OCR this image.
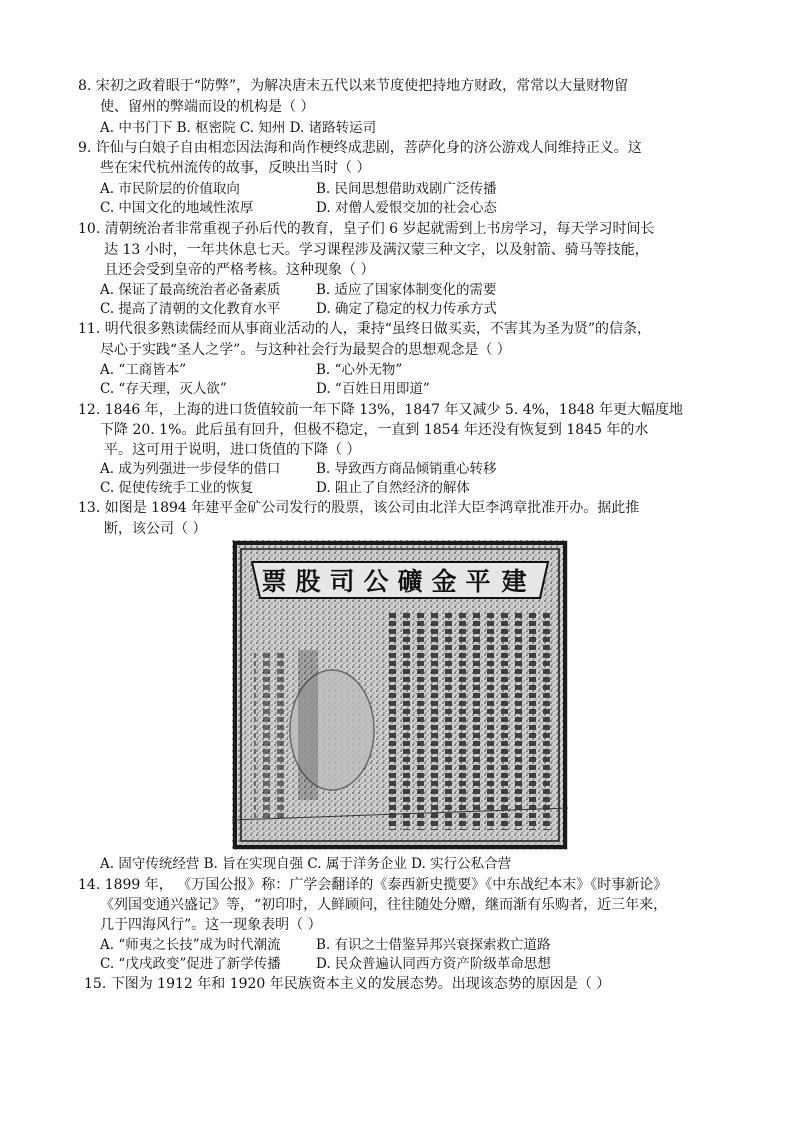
8. 宋初之政着眼于“防弊”，为解决唐末五代以来节度使把持地方财政，常常以大量财物留
使、留州的弊端而设的机构是（ ）
A. 中书门下 B. 枢密院 C. 知州 D. 诸路转运司
9. 许仙与白娘子自由相恋因法海和尚作梗终成悲剧，菩萨化身的济公游戏人间维持正义。这
些在宋代杭州流传的故事，反映出当时（ ）
A. 市民阶层的价值取向	B. 民间思想借助戏剧广泛传播
C. 中国文化的地域性浓厚	D. 对僧人爱恨交加的社会心态
10. 清朝统治者非常重视子孙后代的教育，皇子们 6 岁起就需到上书房学习，每天学习时间长
达 13 小时，一年共休息七天。学习课程涉及满汉蒙三种文字，以及射箭、骑马等技能，
且还会受到皇帝的严格考核。这种现象（ ）
A. 保证了最高统治者必备素质	B. 适应了国家体制变化的需要
C. 提高了清朝的文化教育水平	D. 确定了稳定的权力传承方式
11. 明代很多熟读儒经而从事商业活动的人，秉持“虽终日做买卖，不害其为圣为贤”的信条，
尽心于实践“圣人之学”。与这种社会行为最契合的思想观念是（ ）
A. “工商皆本”	B. “心外无物”
C. “存天理，灭人欲”	D. “百姓日用即道”
12. 1846 年，上海的进口货值较前一年下降 13%，1847 年又减少 5. 4%，1848 年更大幅度地
下降 20. 1%。此后虽有回升，但极不稳定，一直到 1854 年还没有恢复到 1845 年的水
平。这可用于说明，进口货值的下降（ ）
A. 成为列强进一步侵华的借口	B. 导致西方商品倾销重心转移
C. 促使传统手工业的恢复	D. 阻止了自然经济的解体
13. 如图是 1894 年建平金矿公司发行的股票，该公司由北洋大臣李鸿章批准开办。据此推
断，该公司（ ）
票 股 司 公 礦 金 平 建
A. 固守传统经营 B. 旨在实现自强 C. 属于洋务企业 D. 实行公私合营
14. 1899 年， 《万国公报》称：广学会翻译的《泰西新史揽要》《中东战纪本末》《时事新论》
《列国变通兴盛记》等，“初印时，人鲜顾问，往往随处分赠，继而渐有乐购者，近三年来，
几于四海风行”。这一现象表明（ ）
A. “师夷之长技”成为时代潮流	B. 有识之士借鉴异邦兴衰探索救亡道路
C. “戊戌政变”促进了新学传播	D. 民众普遍认同西方资产阶级革命思想
15. 下图为 1912 年和 1920 年民族资本主义的发展态势。出现该态势的原因是（ ）
